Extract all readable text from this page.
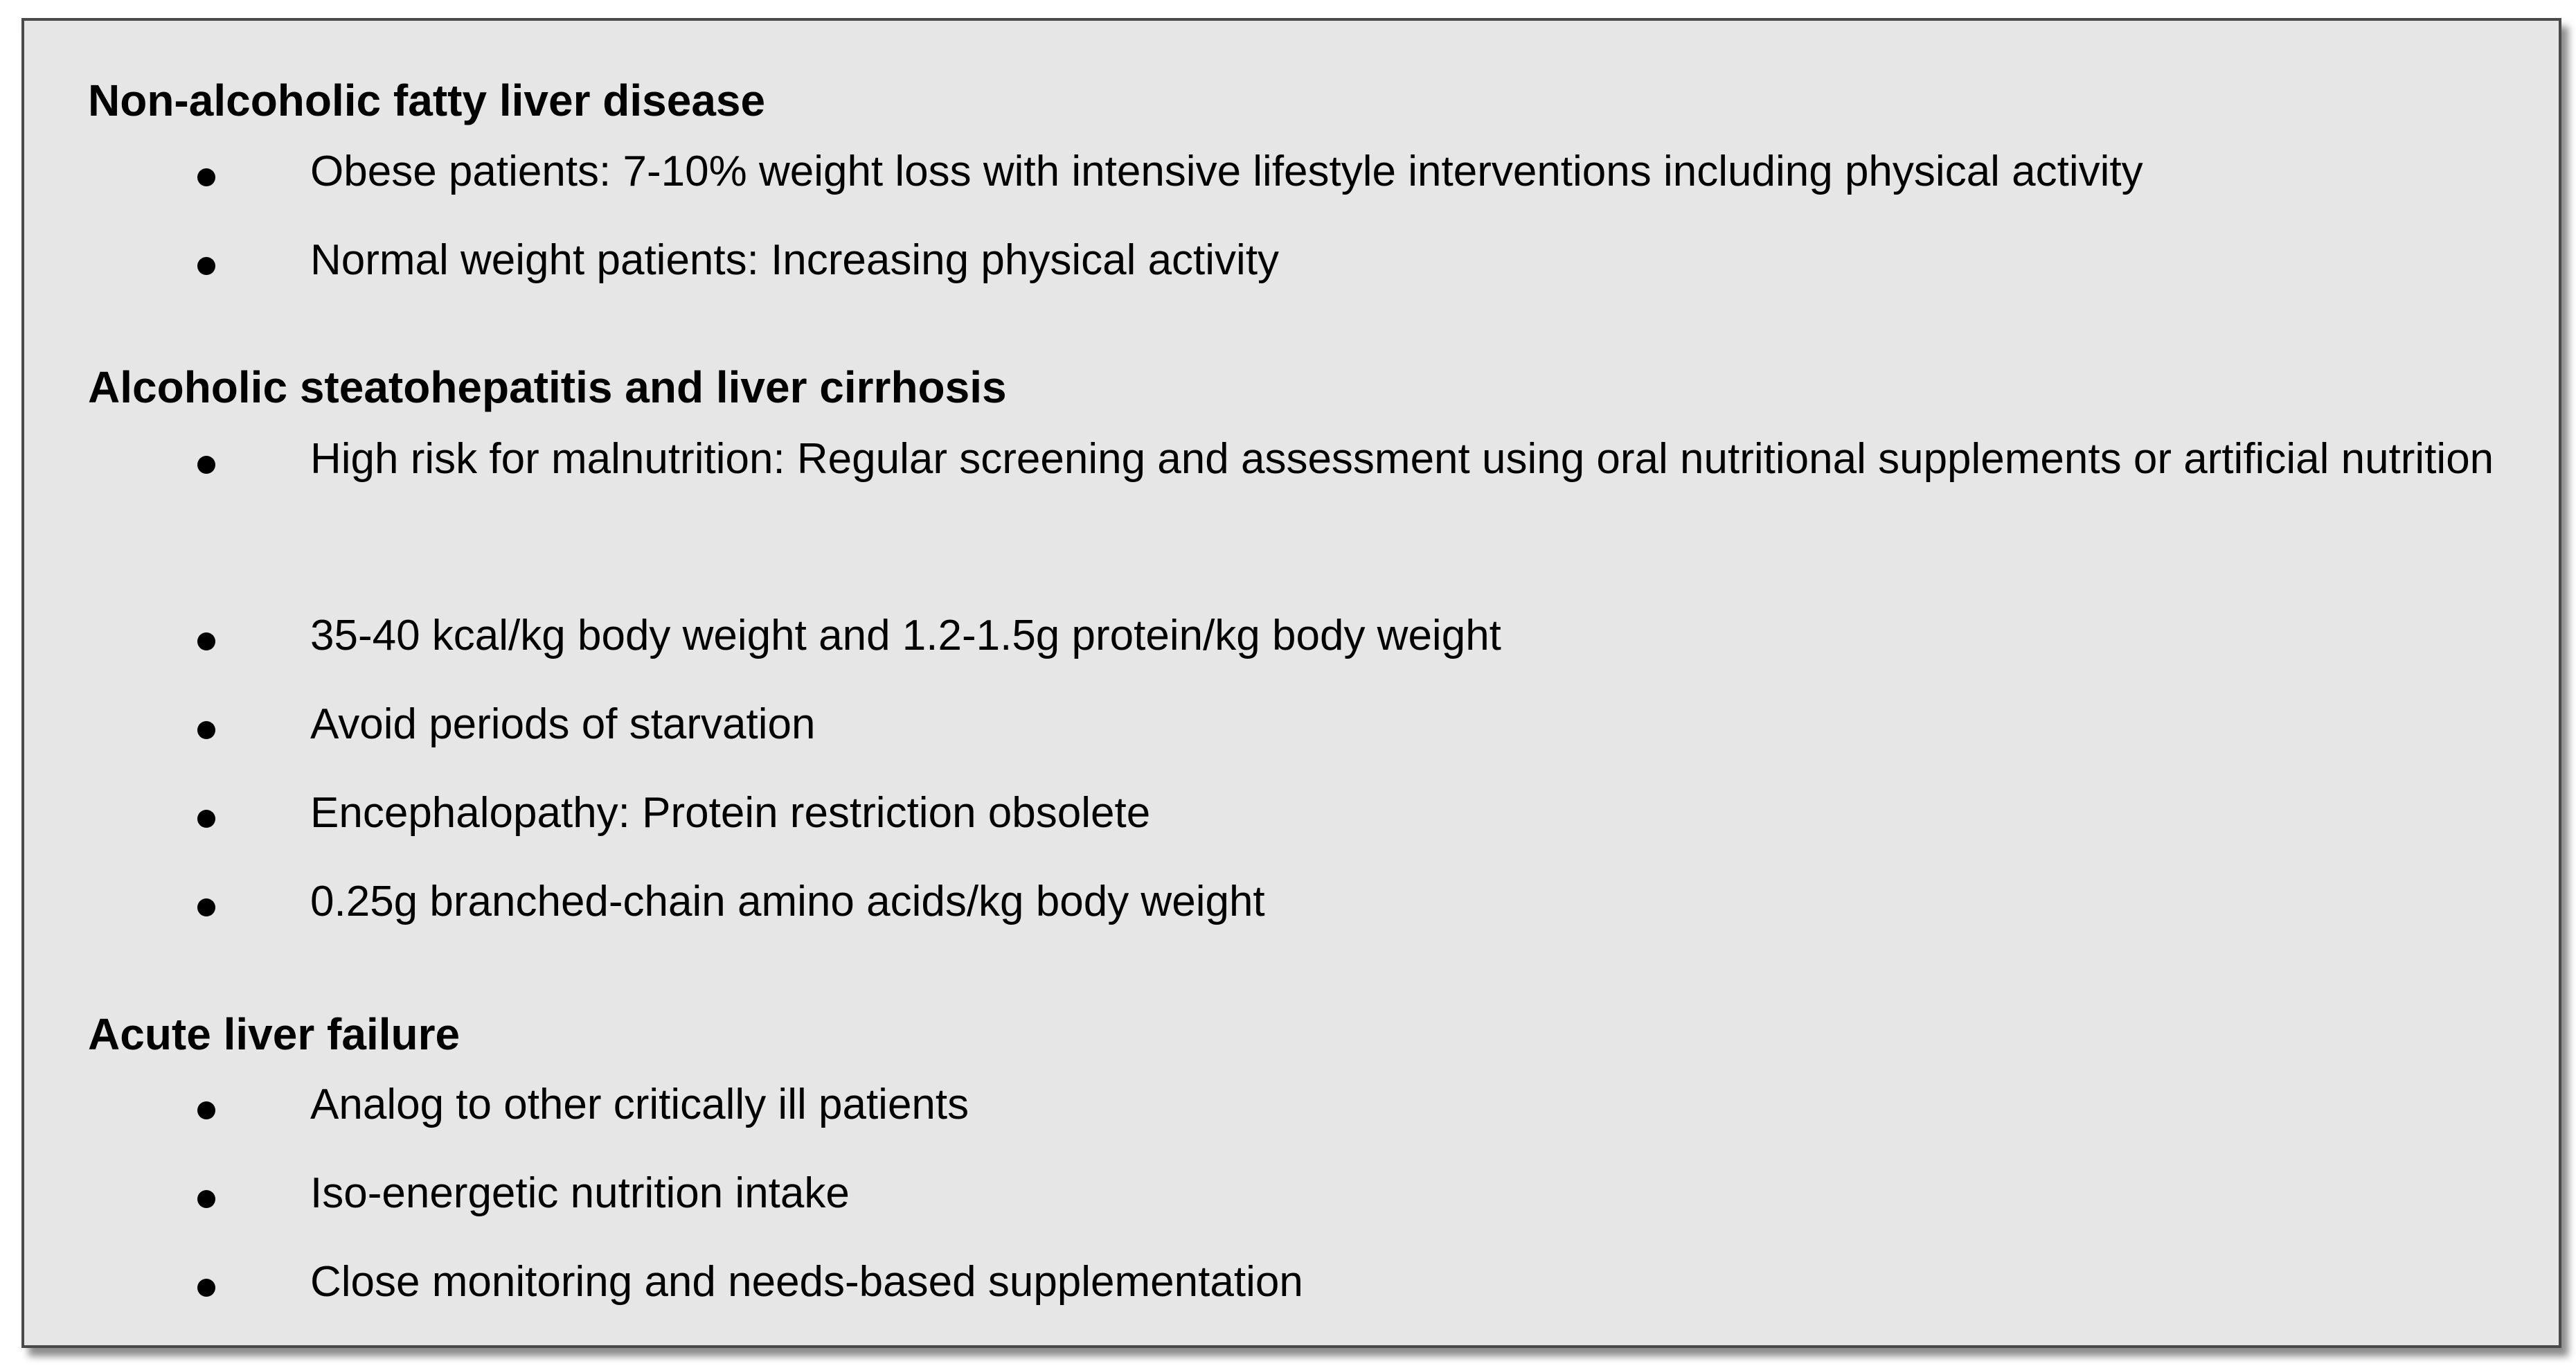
Non-alcoholic fatty liver disease
Obese patients: 7-10% weight loss with intensive lifestyle interventions including physical activity
Normal weight patients: Increasing physical activity
Alcoholic steatohepatitis and liver cirrhosis
High risk for malnutrition: Regular screening and assessment using oral nutritional supplements or artificial nutrition
35-40 kcal/kg body weight and 1.2-1.5g protein/kg body weight
Avoid periods of starvation
Encephalopathy: Protein restriction obsolete
0.25g branched-chain amino acids/kg body weight
Acute liver failure
Analog to other critically ill patients
Iso-energetic nutrition intake
Close monitoring and needs-based supplementation
